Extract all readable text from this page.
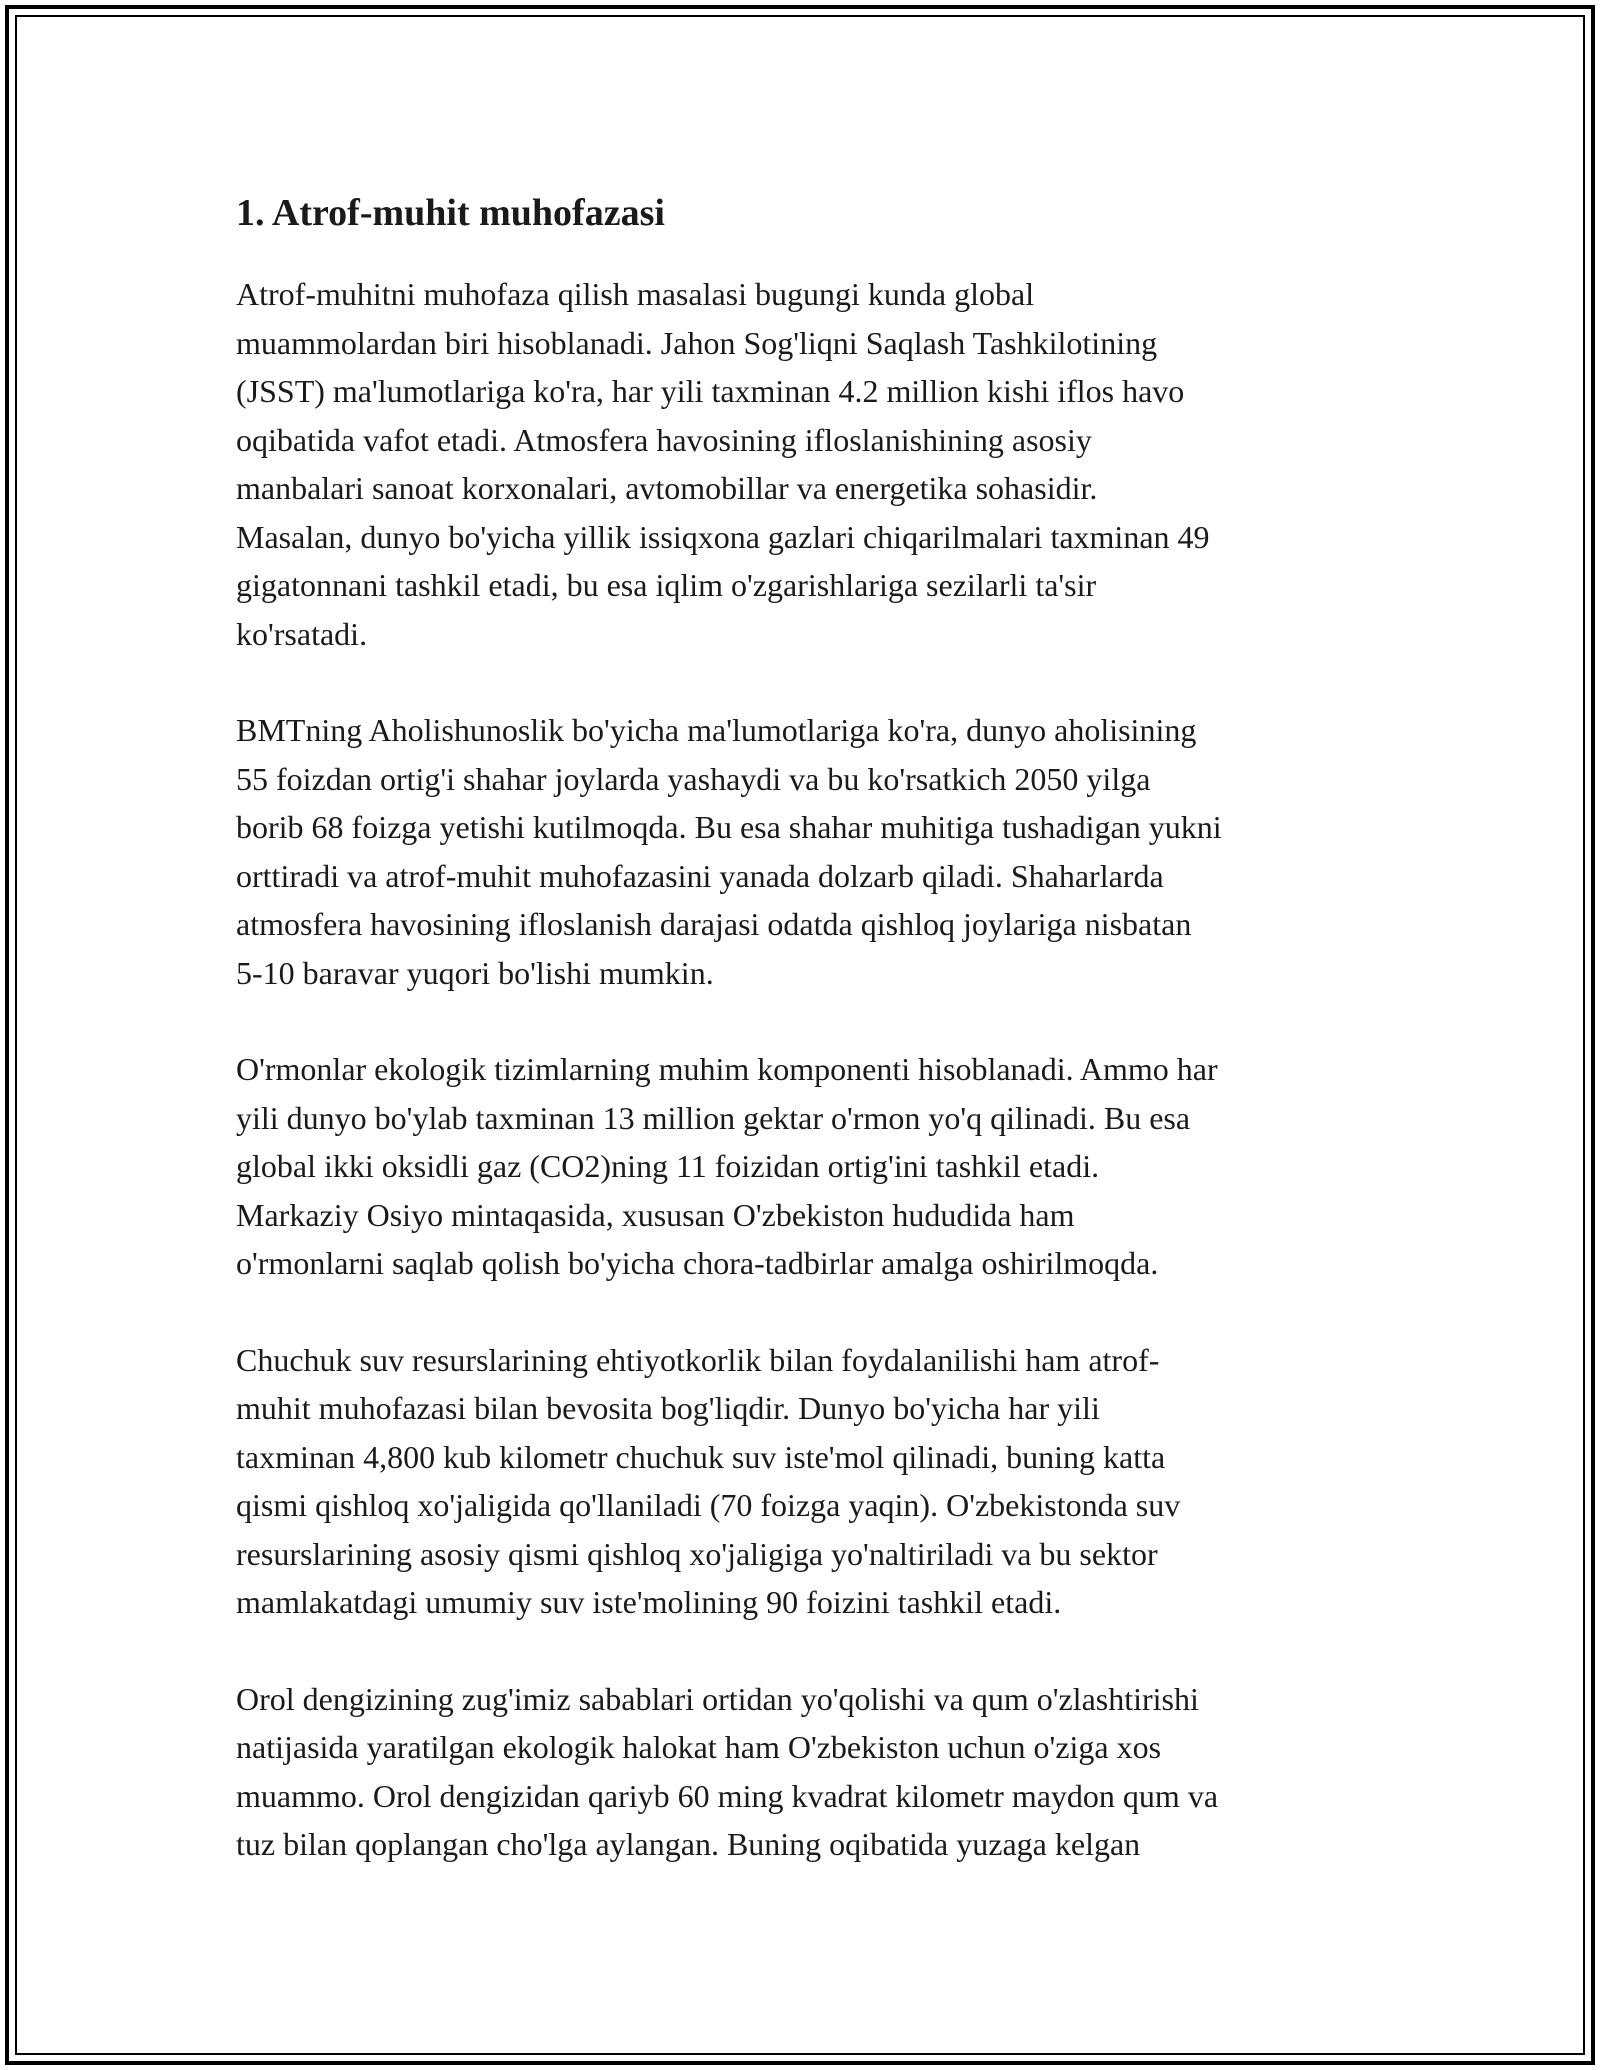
1. Atrof-muhit muhofazasi

Atrof-muhitni muhofaza qilish masalasi bugungi kunda global
muammolardan biri hisoblanadi. Jahon Sog'liqni Saqlash Tashkilotining
(JSST) ma'lumotlariga ko'ra, har yili taxminan 4.2 million kishi iflos havo
oqibatida vafot etadi. Atmosfera havosining ifloslanishining asosiy
manbalari sanoat korxonalari, avtomobillar va energetika sohasidir.
Masalan, dunyo bo'yicha yillik issiqxona gazlari chiqarilmalari taxminan 49
gigatonnani tashkil etadi, bu esa iqlim o'zgarishlariga sezilarli ta'sir
ko'rsatadi.

BMTning Aholishunoslik bo'yicha ma'lumotlariga ko'ra, dunyo aholisining
55 foizdan ortig'i shahar joylarda yashaydi va bu ko'rsatkich 2050 yilga
borib 68 foizga yetishi kutilmoqda. Bu esa shahar muhitiga tushadigan yukni
orttiradi va atrof-muhit muhofazasini yanada dolzarb qiladi. Shaharlarda
atmosfera havosining ifloslanish darajasi odatda qishloq joylariga nisbatan
5-10 baravar yuqori bo'lishi mumkin.

O'rmonlar ekologik tizimlarning muhim komponenti hisoblanadi. Ammo har
yili dunyo bo'ylab taxminan 13 million gektar o'rmon yo'q qilinadi. Bu esa
global ikki oksidli gaz (CO2)ning 11 foizidan ortig'ini tashkil etadi.
Markaziy Osiyo mintaqasida, xususan O'zbekiston hududida ham
o'rmonlarni saqlab qolish bo'yicha chora-tadbirlar amalga oshirilmoqda.

Chuchuk suv resurslarining ehtiyotkorlik bilan foydalanilishi ham atrof-
muhit muhofazasi bilan bevosita bog'liqdir. Dunyo bo'yicha har yili
taxminan 4,800 kub kilometr chuchuk suv iste'mol qilinadi, buning katta
qismi qishloq xo'jaligida qo'llaniladi (70 foizga yaqin). O'zbekistonda suv
resurslarining asosiy qismi qishloq xo'jaligiga yo'naltiriladi va bu sektor
mamlakatdagi umumiy suv iste'molining 90 foizini tashkil etadi.

Orol dengizining zug'imiz sabablari ortidan yo'qolishi va qum o'zlashtirishi
natijasida yaratilgan ekologik halokat ham O'zbekiston uchun o'ziga xos
muammo. Orol dengizidan qariyb 60 ming kvadrat kilometr maydon qum va
tuz bilan qoplangan cho'lga aylangan. Buning oqibatida yuzaga kelgan
